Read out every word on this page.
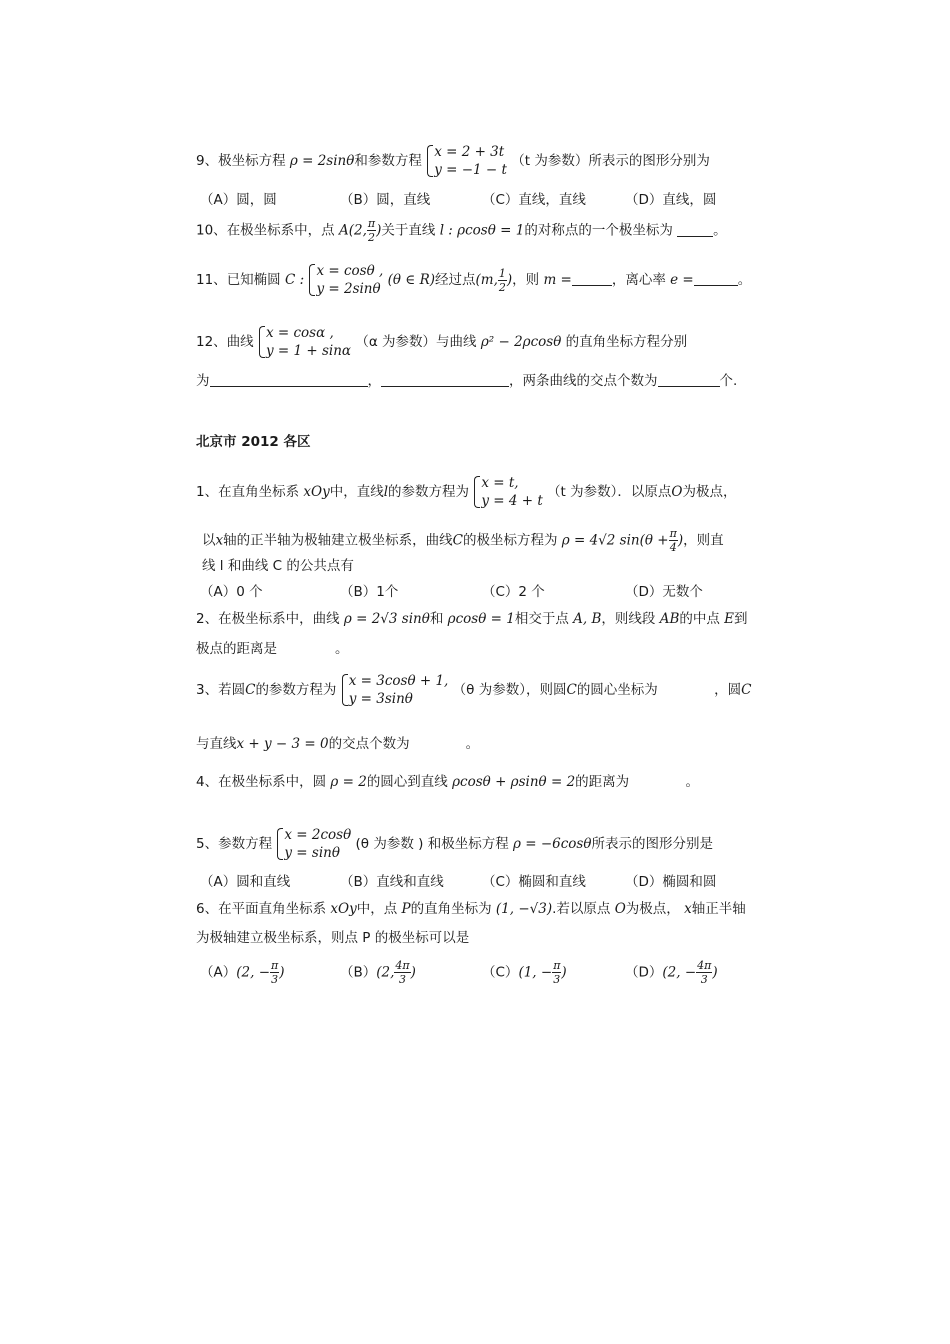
9、极坐标方程 ρ = 2sinθ和参数方程
x = 2 + 3t
y = −1 − t
（t 为参数）所表示的图形分别为
（A）圆，圆	（B）圆，直线	（C）直线，直线	（D）直线，圆
10、在极坐标系中，点 A(2, $\frac{\pi}{2}$ )关于直线 l : ρcosθ = 1的对称点的一个极坐标为	。
11、已知椭圆 C :
x = cosθ ,
y = 2sinθ
(θ ∈ R)经过点(m, $\frac{1}{2}$ )，则 m =	，离心率 e =	。
12、曲线
x = cosα ,
y = 1 + sinα
（α 为参数）与曲线 ρ² − 2ρcosθ 的直角坐标方程分别
为	，	，两条曲线的交点个数为	个.
北京市 2012 各区
1、在直角坐标系 xOy中，直线l的参数方程为
x = t,
y = 4 + t
（t 为参数）．以原点O为极点，
以x轴的正半轴为极轴建立极坐标系，曲线C的极坐标方程为 ρ = 4√2 $\sin(\theta + \frac{\pi}{4}$ )，则直
线 l 和曲线 C 的公共点有
（A）0 个	（B）1个	（C）2 个	（D）无数个
2、在极坐标系中，曲线 ρ = 2√3 sinθ和 ρcosθ = 1相交于点 A, B，则线段 AB的中点 E到
极点的距离是	。
3、若圆C的参数方程为
x = 3cosθ + 1,
y = 3sinθ
（θ 为参数），则圆C的圆心坐标为	，圆C
与直线x + y − 3 = 0的交点个数为	。
4、在极坐标系中，圆 ρ = 2的圆心到直线 ρcosθ + ρsinθ = 2的距离为	。
5、参数方程
x = 2cosθ
y = sinθ
(θ 为参数 ) 和极坐标方程 ρ = −6cosθ所表示的图形分别是
（A）圆和直线	（B）直线和直线	（C）椭圆和直线	（D）椭圆和圆
6、在平面直角坐标系 xOy中，点 P的直角坐标为 (1, −√3).若以原点 O为极点， x轴正半轴
为极轴建立极坐标系，则点 P 的极坐标可以是
（A）(2, − $\frac{\pi}{3}$ )	（B）(2, $\frac{4\pi}{3}$ )	（C）(1, − $\frac{\pi}{3}$ )	（D）(2, − $\frac{4\pi}{3}$ )
